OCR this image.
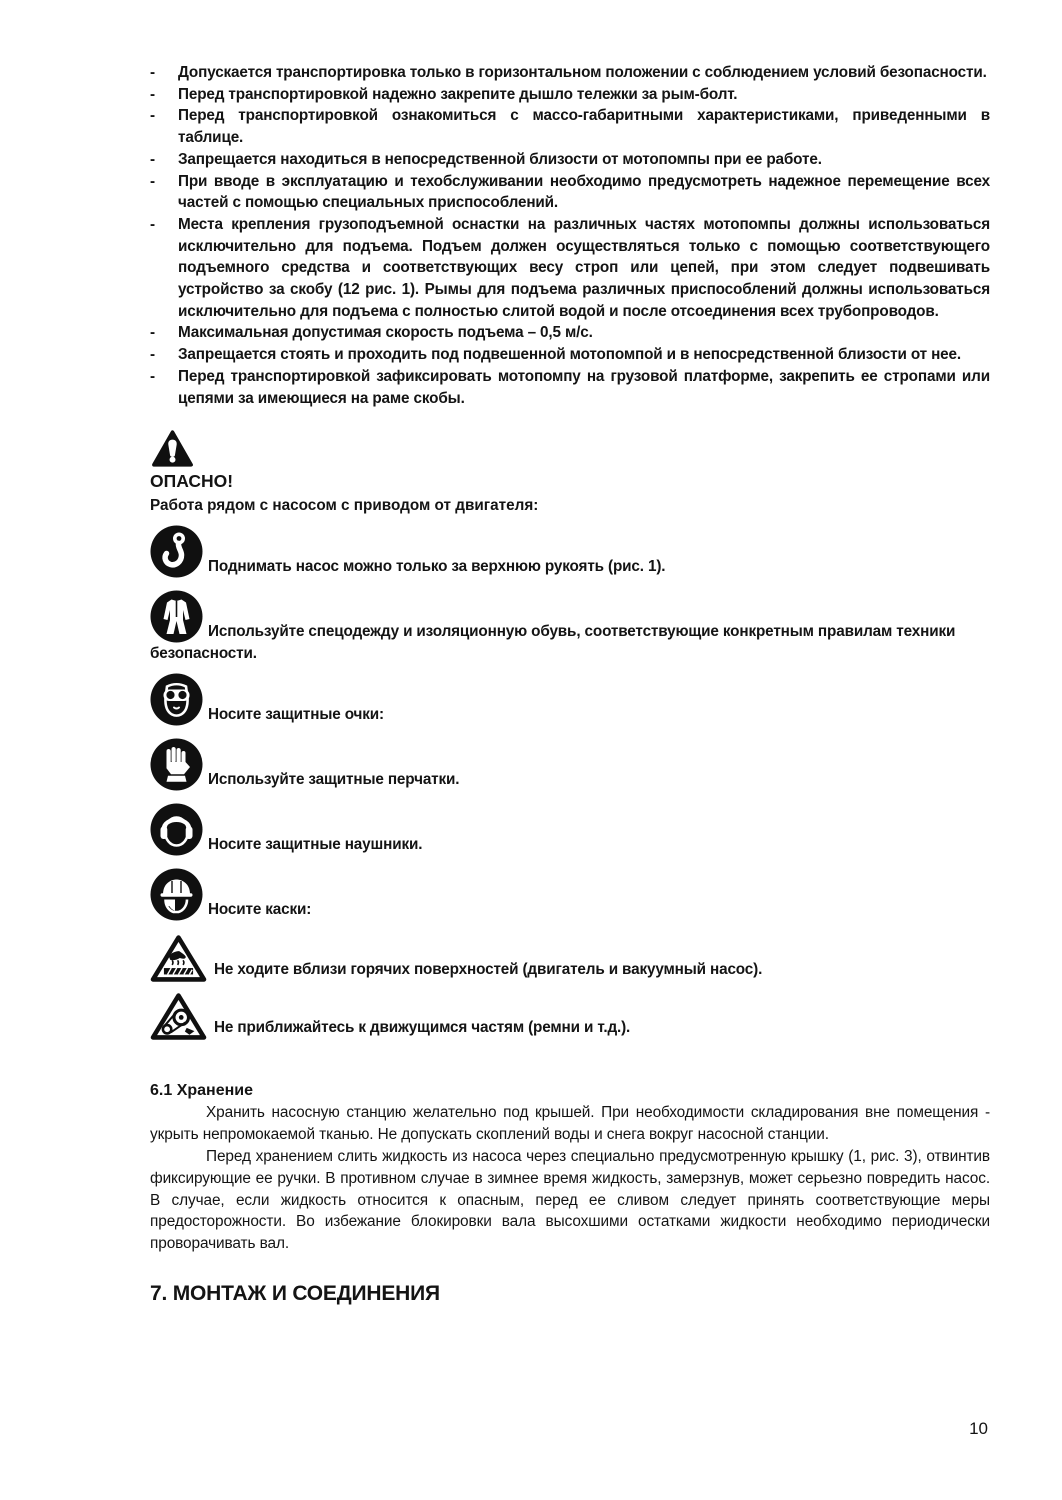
-	Допускается транспортировка только в горизонтальном положении с соблюдением условий безопасности.

-	Перед транспортировкой надежно закрепите дышло тележки за рым-болт.

-	Перед транспортировкой ознакомиться с массо-габаритными характеристиками, приведенными в таблице.

-	Запрещается находиться в непосредственной близости от мотопомпы при ее работе.

-	При вводе в эксплуатацию и техобслуживании необходимо предусмотреть надежное перемещение всех частей с помощью специальных приспособлений.

-	Места крепления грузоподъемной оснастки на различных частях мотопомпы должны использоваться исключительно для подъема. Подъем должен осуществляться только с помощью соответствующего подъемного средства и соответствующих весу строп или цепей, при этом следует подвешивать устройство за скобу (12 рис. 1). Рымы для подъема различных приспособлений должны использоваться исключительно для подъема с полностью слитой водой и после отсоединения всех трубопроводов.

-	Максимальная допустимая скорость подъема – 0,5 м/с.

-	Запрещается стоять и проходить под подвешенной мотопомпой и в непосредственной близости от нее.

-	Перед транспортировкой зафиксировать мотопомпу на грузовой платформе, закрепить ее стропами или цепями за имеющиеся на раме скобы.

ОПАСНО!

Работа рядом с насосом с приводом от двигателя:

Поднимать насос можно только за верхнюю рукоять (рис. 1).

Используйте спецодежду и изоляционную обувь, соответствующие конкретным правилам техники безопасности.

Носите защитные очки:

Используйте защитные перчатки.

Носите защитные наушники.

Носите каски:

Не ходите вблизи горячих поверхностей (двигатель и вакуумный насос).

Не приближайтесь к движущимся частям (ремни и т.д.).

6.1 Хранение

Хранить насосную станцию желательно под крышей. При необходимости складирования вне помещения - укрыть непромокаемой тканью. Не допускать скоплений воды и снега вокруг насосной станции.

Перед хранением слить жидкость из насоса через специально предусмотренную крышку (1, рис. 3), отвинтив фиксирующие ее ручки. В противном случае в зимнее время жидкость, замерзнув, может серьезно повредить насос. В случае, если жидкость относится к опасным, перед ее сливом следует принять соответствующие меры предосторожности. Во избежание блокировки вала высохшими остатками жидкости необходимо периодически проворачивать вал.

7. МОНТАЖ И СОЕДИНЕНИЯ
10
